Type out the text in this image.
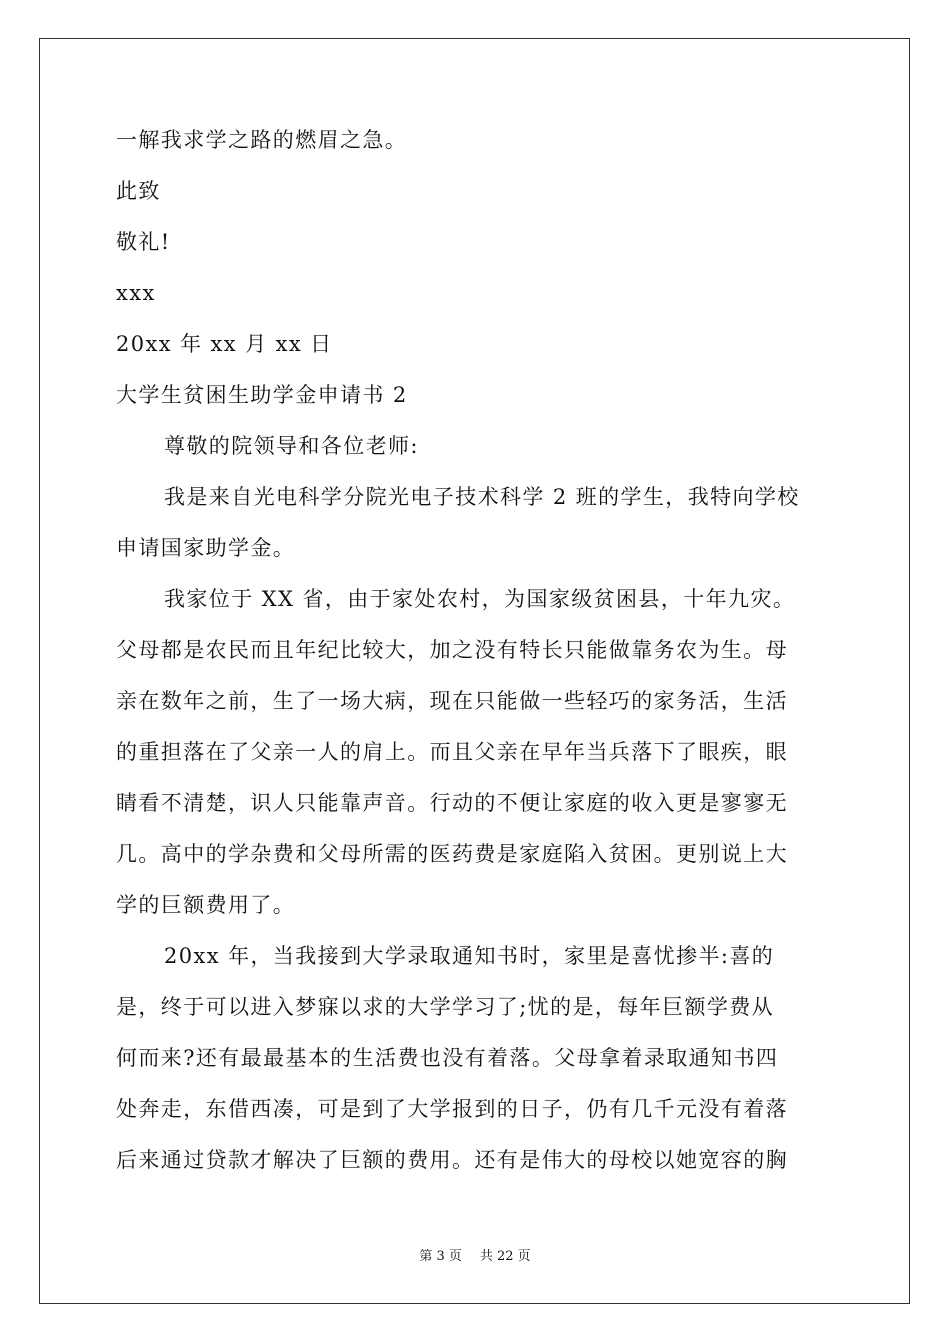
一解我求学之路的燃眉之急。

此致

敬礼!

xxx

20xx 年 xx 月 xx 日

大学生贫困生助学金申请书 2

尊敬的院领导和各位老师:

我是来自光电科学分院光电子技术科学 2 班的学生，我特向学校

申请国家助学金。

我家位于 XX 省，由于家处农村，为国家级贫困县，十年九灾。

父母都是农民而且年纪比较大，加之没有特长只能做靠务农为生。母

亲在数年之前，生了一场大病，现在只能做一些轻巧的家务活，生活

的重担落在了父亲一人的肩上。而且父亲在早年当兵落下了眼疾，眼

睛看不清楚，识人只能靠声音。行动的不便让家庭的收入更是寥寥无

几。高中的学杂费和父母所需的医药费是家庭陷入贫困。更别说上大

学的巨额费用了。

20xx 年，当我接到大学录取通知书时，家里是喜忧掺半:喜的

是，终于可以进入梦寐以求的大学学习了;忧的是，每年巨额学费从

何而来?还有最最基本的生活费也没有着落。父母拿着录取通知书四

处奔走，东借西凑，可是到了大学报到的日子，仍有几千元没有着落

后来通过贷款才解决了巨额的费用。还有是伟大的母校以她宽容的胸

第 3 页 共 22 页
